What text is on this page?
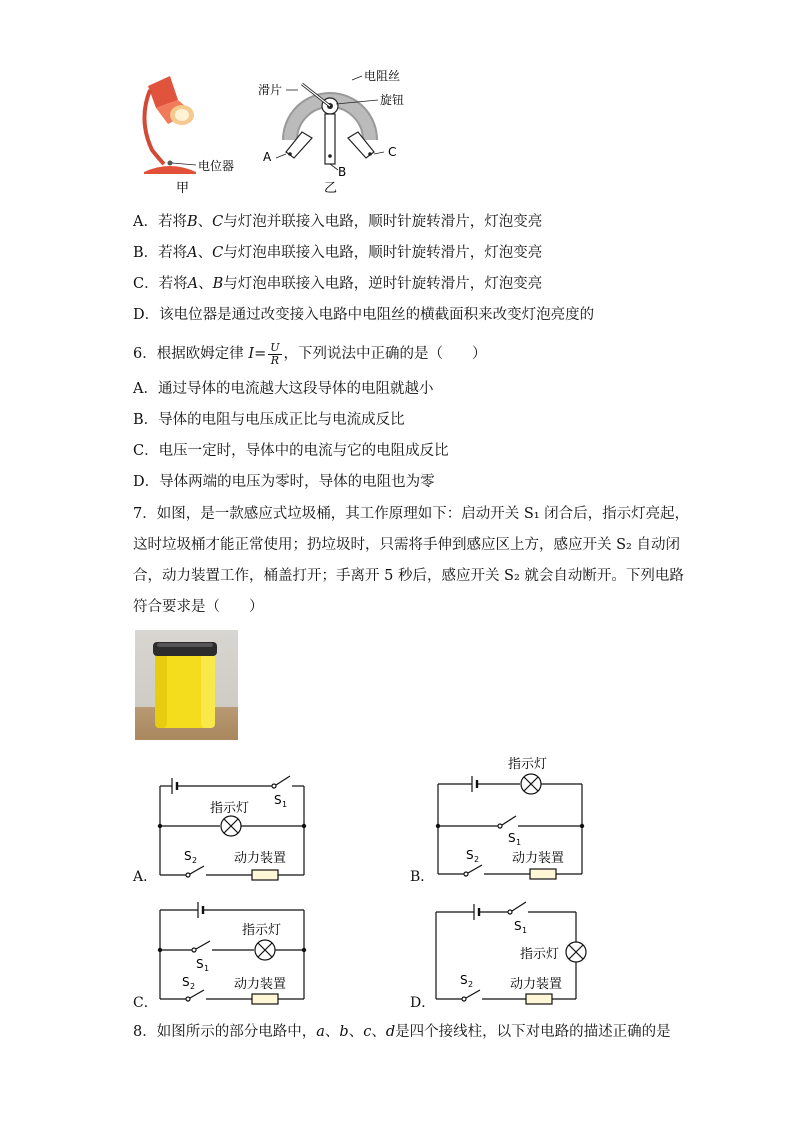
电位器
甲
滑片
电阻丝
旋钮
A
B
C
乙
A．若将B、C与灯泡并联接入电路，顺时针旋转滑片，灯泡变亮
B．若将A、C与灯泡串联接入电路，顺时针旋转滑片，灯泡变亮
C．若将A、B与灯泡串联接入电路，逆时针旋转滑片，灯泡变亮
D．该电位器是通过改变接入电路中电阻丝的横截面积来改变灯泡亮度的
6．根据欧姆定律 $I= \frac{U}{R}$ ，下列说法中正确的是（　　）
A．通过导体的电流越大这段导体的电阻就越小
B．导体的电阻与电压成正比与电流成反比
C．电压一定时，导体中的电流与它的电阻成反比
D．导体两端的电压为零时，导体的电阻也为零
7．如图，是一款感应式垃圾桶，其工作原理如下：启动开关 S₁ 闭合后，指示灯亮起，
这时垃圾桶才能正常使用；扔垃圾时，只需将手伸到感应区上方，感应开关 S₂ 自动闭
合，动力装置工作，桶盖打开；手离开 5 秒后，感应开关 S₂ 就会自动断开。下列电路
符合要求是（　　）
S 1
指示灯
S 2	动力装置
A．
指示灯
S 1
S 2	动力装置
B．
指示灯
S 1
S 2	动力装置
C．
S 1
指示灯
S 2	动力装置
D．
8．如图所示的部分电路中，a、b、c、d是四个接线柱，以下对电路的描述正确的是
